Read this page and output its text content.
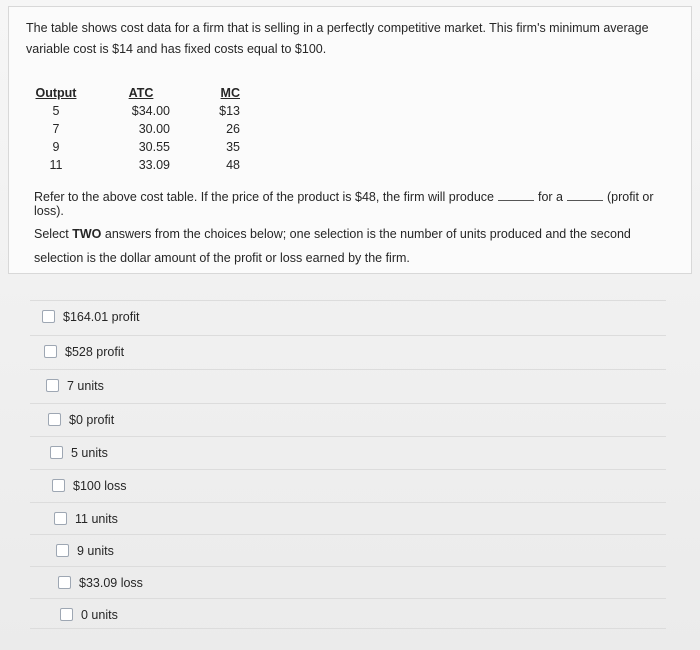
The table shows cost data for a firm that is selling in a perfectly competitive market. This firm's minimum average variable cost is $14 and has fixed costs equal to $100.
Output		ATC		MC
5		$34.00		$13
7		30.00		26
9		30.55		35
11		33.09		48
Refer to the above cost table. If the price of the product is $48, the firm will produce	for a	(profit or loss).
Select TWO answers from the choices below; one selection is the number of units produced and the second selection is the dollar amount of the profit or loss earned by the firm.
$164.01 profit
$528 profit
7 units
$0 profit
5 units
$100 loss
11 units
9 units
$33.09 loss
0 units
